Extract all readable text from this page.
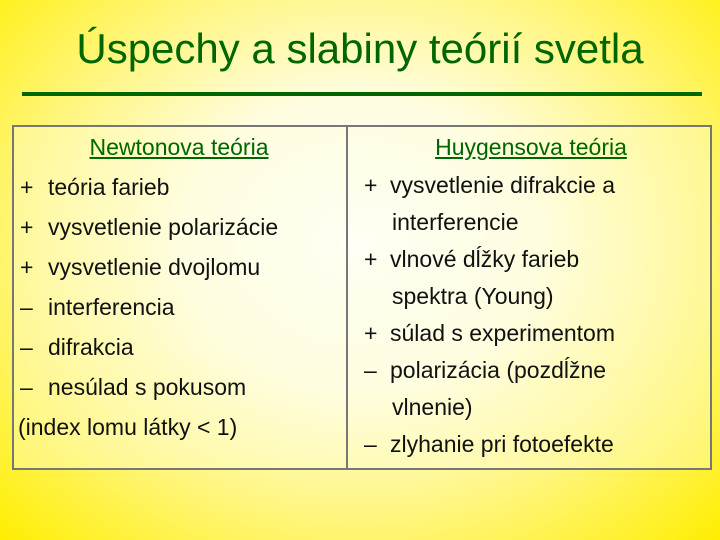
Úspechy a slabiny teórií svetla
Newtonova teória
+ teória farieb
+ vysvetlenie polarizácie
+ vysvetlenie dvojlomu
– interferencia
– difrakcia
– nesúlad s pokusom
(index lomu látky < 1)
Huygensova teória
+ vysvetlenie difrakcie a
interferencie
+ vlnové dĺžky farieb
spektra (Young)
+ súlad s experimentom
– polarizácia (pozdĺžne
vlnenie)
– zlyhanie pri fotoefekte
